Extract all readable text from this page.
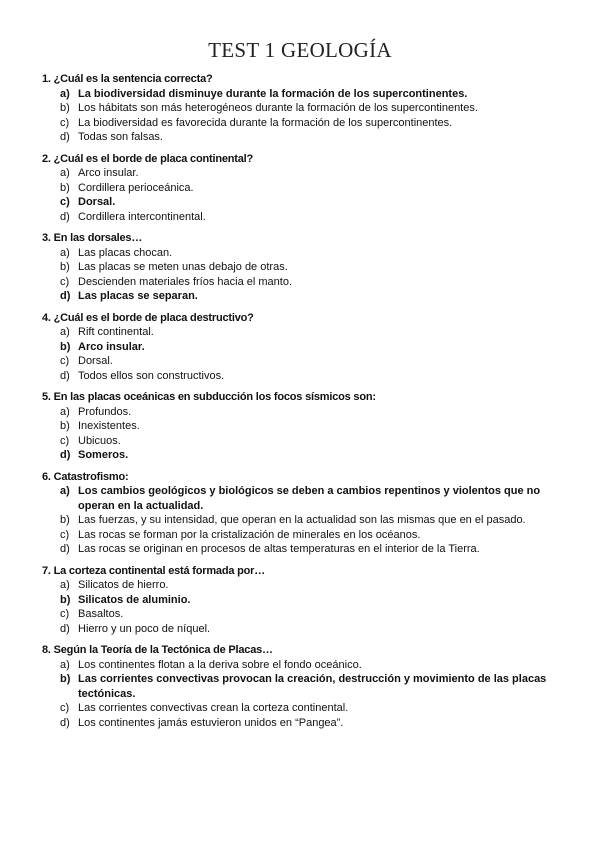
TEST 1 GEOLOGÍA
1. ¿Cuál es la sentencia correcta?
a) La biodiversidad disminuye durante la formación de los supercontinentes.
b) Los hábitats son más heterogéneos durante la formación de los supercontinentes.
c) La biodiversidad es favorecida durante la formación de los supercontinentes.
d) Todas son falsas.
2. ¿Cuál es el borde de placa continental?
a) Arco insular.
b) Cordillera perioceánica.
c) Dorsal.
d) Cordillera intercontinental.
3. En las dorsales…
a) Las placas chocan.
b) Las placas se meten unas debajo de otras.
c) Descienden materiales fríos hacia el manto.
d) Las placas se separan.
4. ¿Cuál es el borde de placa destructivo?
a) Rift continental.
b) Arco insular.
c) Dorsal.
d) Todos ellos son constructivos.
5. En las placas oceánicas en subducción los focos sísmicos son:
a) Profundos.
b) Inexistentes.
c) Ubicuos.
d) Someros.
6. Catastrofismo:
a) Los cambios geológicos y biológicos se deben a cambios repentinos y violentos que no operan en la actualidad.
b) Las fuerzas, y su intensidad, que operan en la actualidad son las mismas que en el pasado.
c) Las rocas se forman por la cristalización de minerales en los océanos.
d) Las rocas se originan en procesos de altas temperaturas en el interior de la Tierra.
7. La corteza continental está formada por…
a) Silicatos de hierro.
b) Silicatos de aluminio.
c) Basaltos.
d) Hierro y un poco de níquel.
8. Según la Teoría de la Tectónica de Placas…
a) Los continentes flotan a la deriva sobre el fondo oceánico.
b) Las corrientes convectivas provocan la creación, destrucción y movimiento de las placas tectónicas.
c) Las corrientes convectivas crean la corteza continental.
d) Los continentes jamás estuvieron unidos en “Pangea”.
